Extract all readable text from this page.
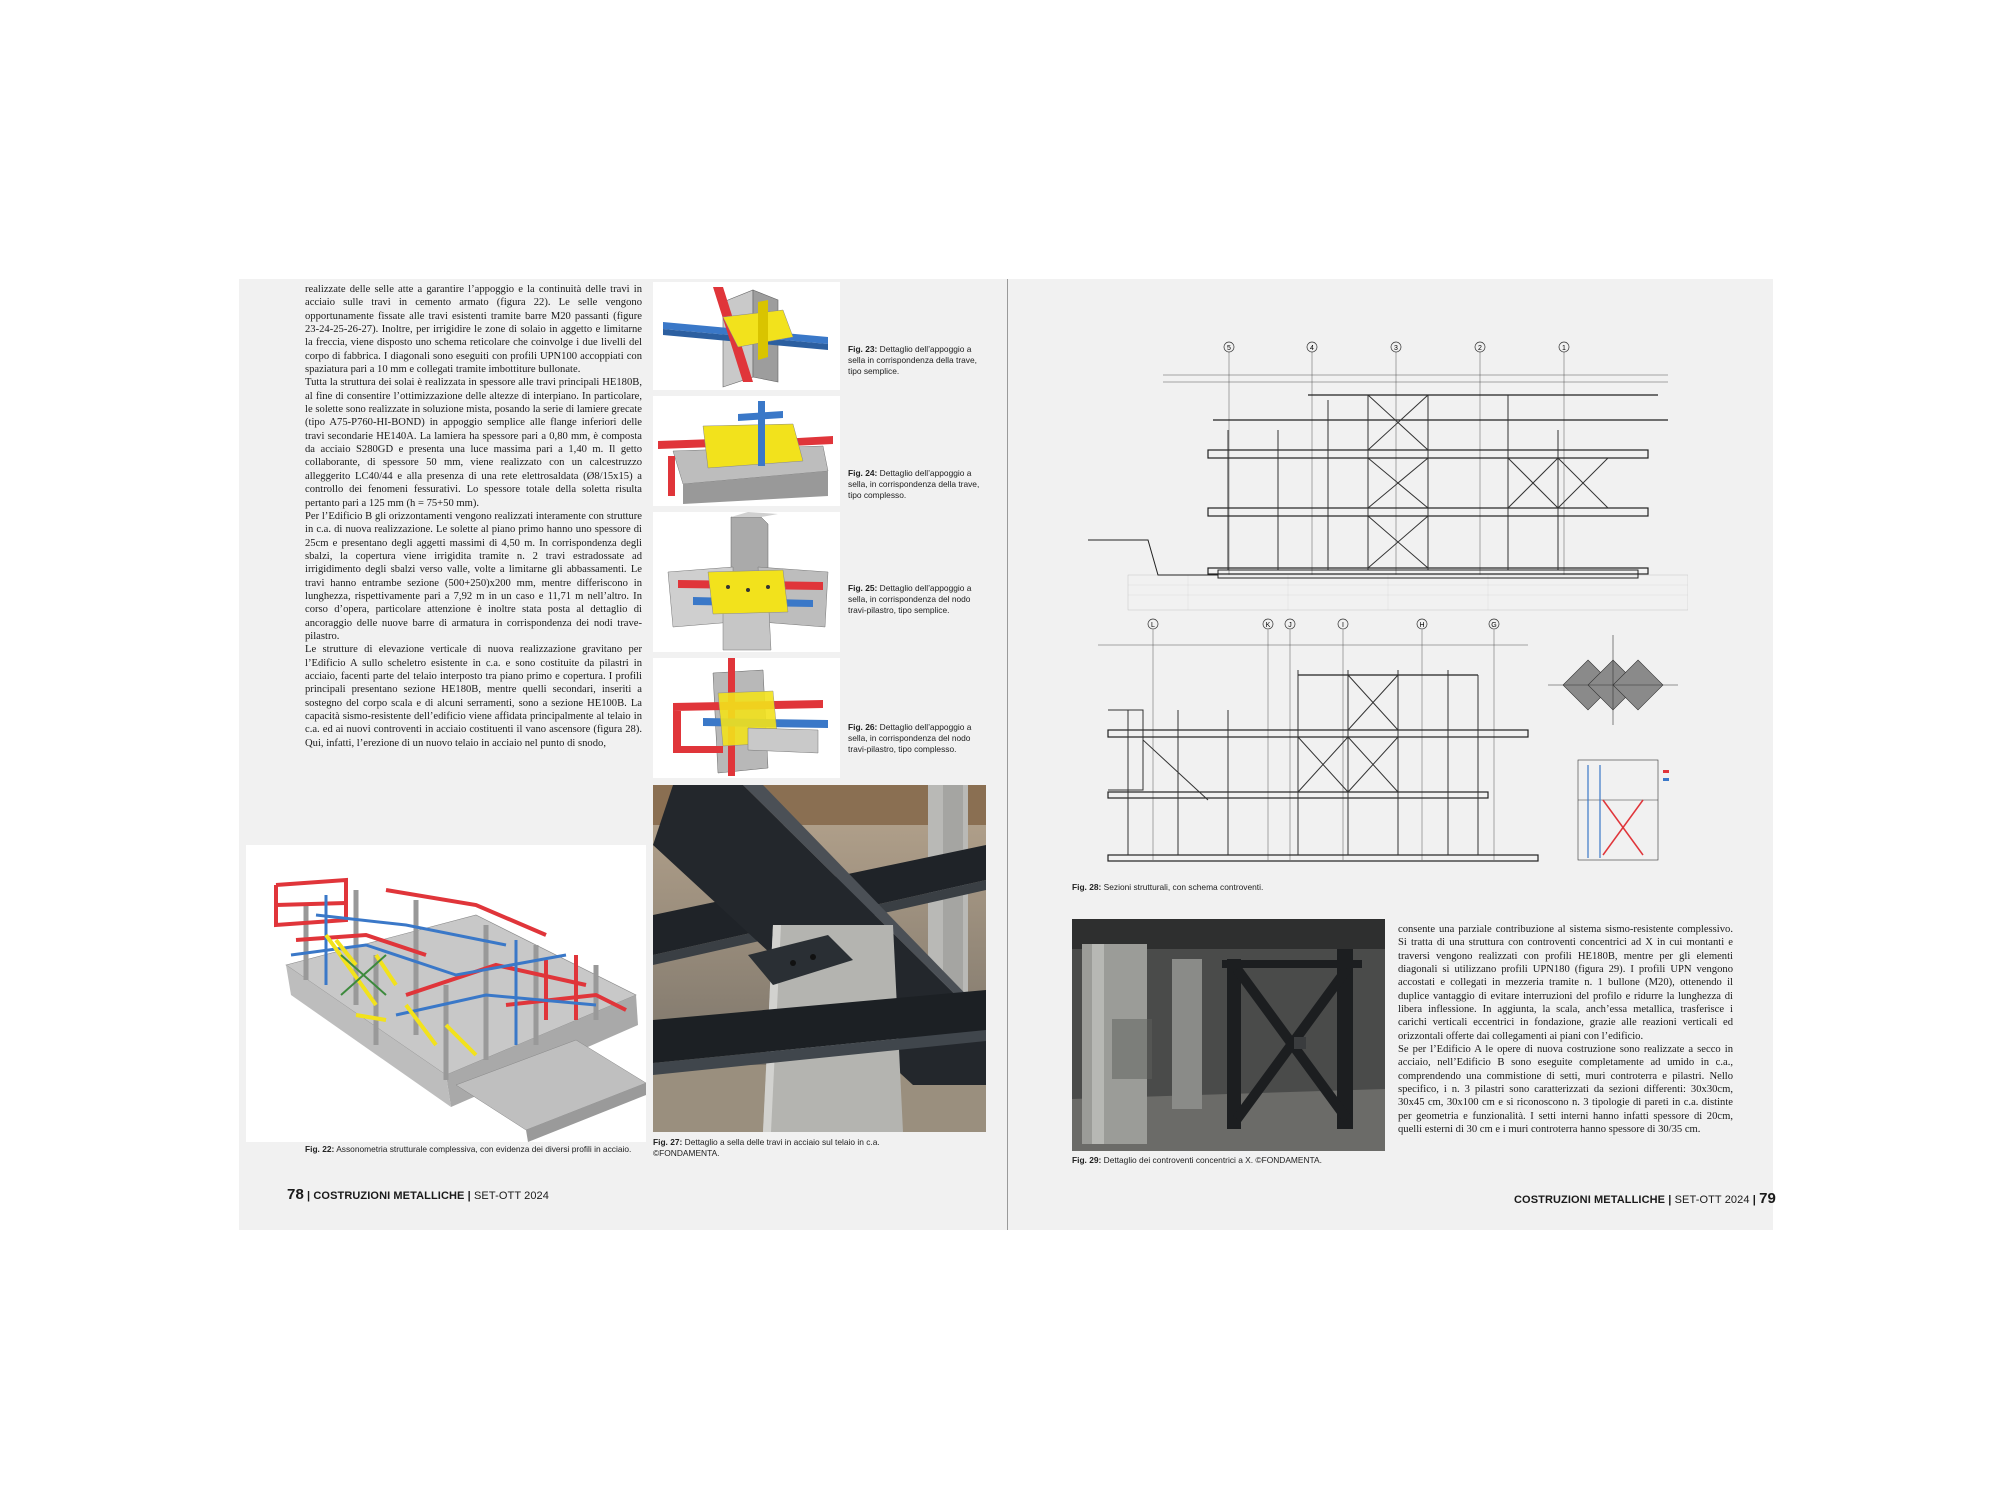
realizzate delle selle atte a garantire l’appoggio e la continuità delle travi in acciaio sulle travi in cemento armato (figura 22). Le selle vengono opportunamente fissate alle travi esistenti tramite barre M20 passanti (figure 23-24-25-26-27). Inoltre, per irrigidire le zone di solaio in aggetto e limitarne la freccia, viene disposto uno schema reticolare che coinvolge i due livelli del corpo di fabbrica. I diagonali sono eseguiti con profili UPN100 accoppiati con spaziatura pari a 10 mm e collegati tramite imbottiture bullonate.

Tutta la struttura dei solai è realizzata in spessore alle travi principali HE180B, al fine di consentire l’ottimizzazione delle altezze di interpiano. In particolare, le solette sono realizzate in soluzione mista, posando la serie di lamiere grecate (tipo A75-P760-HI-BOND) in appoggio semplice alle flange inferiori delle travi secondarie HE140A. La lamiera ha spessore pari a 0,80 mm, è composta da acciaio S280GD e presenta una luce massima pari a 1,40 m. Il getto collaborante, di spessore 50 mm, viene realizzato con un calcestruzzo alleggerito LC40/44 e alla presenza di una rete elettrosaldata (Ø8/15x15) a controllo dei fenomeni fessurativi. Lo spessore totale della soletta risulta pertanto pari a 125 mm (h = 75+50 mm).

Per l’Edificio B gli orizzontamenti vengono realizzati interamente con strutture in c.a. di nuova realizzazione. Le solette al piano primo hanno uno spessore di 25cm e presentano degli aggetti massimi di 4,50 m. In corrispondenza degli sbalzi, la copertura viene irrigidita tramite n. 2 travi estradossate ad irrigidimento degli sbalzi verso valle, volte a limitarne gli abbassamenti. Le travi hanno entrambe sezione (500+250)x200 mm, mentre differiscono in lunghezza, rispettivamente pari a 7,92 m in un caso e 11,71 m nell’altro. In corso d’opera, particolare attenzione è inoltre stata posta al dettaglio di ancoraggio delle nuove barre di armatura in corrispondenza dei nodi trave-pilastro.

Le strutture di elevazione verticale di nuova realizzazione gravitano per l’Edificio A sullo scheletro esistente in c.a. e sono costituite da pilastri in acciaio, facenti parte del telaio interposto tra piano primo e copertura. I profili principali presentano sezione HE180B, mentre quelli secondari, inseriti a sostegno del corpo scala e di alcuni serramenti, sono a sezione HE100B. La capacità sismo-resistente dell’edificio viene affidata principalmente al telaio in c.a. ed ai nuovi controventi in acciaio costituenti il vano ascensore (figura 28). Qui, infatti, l’erezione di un nuovo telaio in acciaio nel punto di snodo,

Fig. 23: Dettaglio dell’appoggio a sella in corrispondenza della trave, tipo semplice.
Fig. 24: Dettaglio dell’appoggio a sella, in corrispondenza della trave, tipo complesso.
Fig. 25: Dettaglio dell’appoggio a sella, in corrispondenza del nodo travi-pilastro, tipo semplice.
Fig. 26: Dettaglio dell’appoggio a sella, in corrispondenza del nodo travi-pilastro, tipo complesso.
Fig. 22: Assonometria strutturale complessiva, con evidenza dei diversi profili in acciaio.
Fig. 27: Dettaglio a sella delle travi in acciaio sul telaio in c.a. ©FONDAMENTA.
78 | COSTRUZIONI METALLICHE | SET-OTT 2024
5	4	3	2	1
L	K	J	I	H	G
Fig. 28: Sezioni strutturali, con schema controventi.
Fig. 29: Dettaglio dei controventi concentrici a X. ©FONDAMENTA.

consente una parziale contribuzione al sistema sismo-resistente complessivo. Si tratta di una struttura con controventi concentrici ad X in cui montanti e traversi vengono realizzati con profili HE180B, mentre per gli elementi diagonali si utilizzano profili UPN180 (figura 29). I profili UPN vengono accostati e collegati in mezzeria tramite n. 1 bullone (M20), ottenendo il duplice vantaggio di evitare interruzioni del profilo e ridurre la lunghezza di libera inflessione. In aggiunta, la scala, anch’essa metallica, trasferisce i carichi verticali eccentrici in fondazione, grazie alle reazioni verticali ed orizzontali offerte dai collegamenti ai piani con l’edificio.

Se per l’Edificio A le opere di nuova costruzione sono realizzate a secco in acciaio, nell’Edificio B sono eseguite completamente ad umido in c.a., comprendendo una commistione di setti, muri controterra e pilastri. Nello specifico, i n. 3 pilastri sono caratterizzati da sezioni differenti: 30x30cm, 30x45 cm, 30x100 cm e si riconoscono n. 3 tipologie di pareti in c.a. distinte per geometria e funzionalità. I setti interni hanno infatti spessore di 20cm, quelli esterni di 30 cm e i muri controterra hanno spessore di 30/35 cm.

COSTRUZIONI METALLICHE | SET-OTT 2024 | 79
